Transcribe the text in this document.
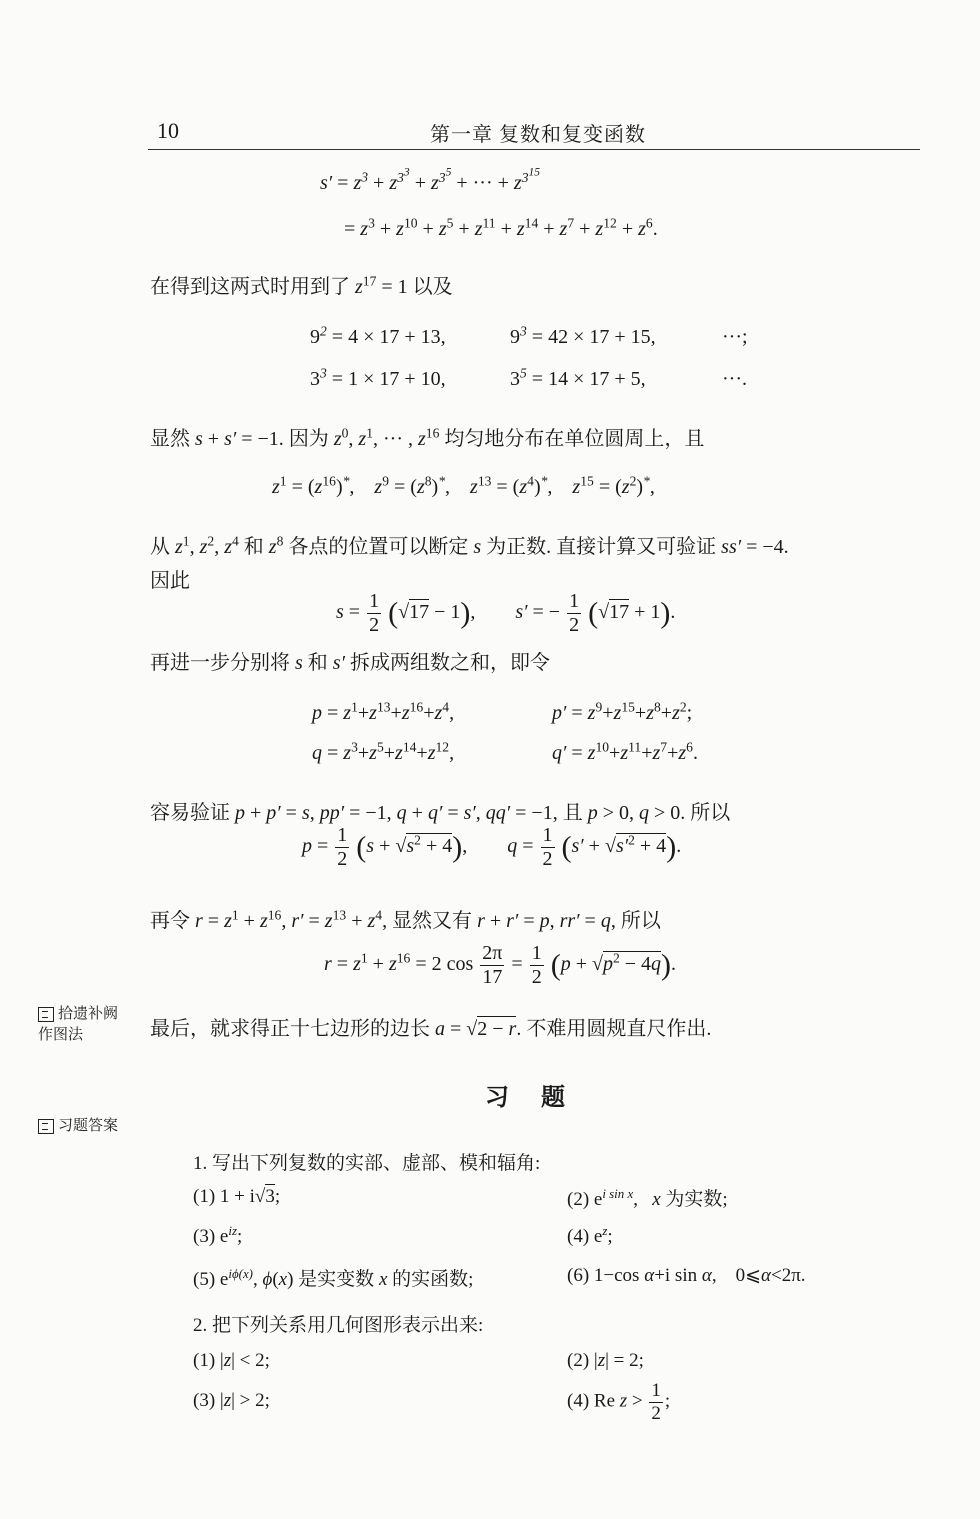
10	第一章 复数和复变函数
$s' = z^3 + z^{3^3} + z^{3^5}$ + ··· + $z^{3^{15}}$
= $z^3 + z^{10} + z^5 + z^{11} + z^{14} + z^7 + z^{12} + z^6$.
在得到这两式时用到了 $z^{17} = 1$ 以及
$9^2 = 4 \times 17 + 13$,	$9^3 = 42 \times 17 + 15$,	···;
$3^3 = 1 \times 17 + 10$,	$3^5 = 14 \times 17 + 5$,	···.
显然 s + s′ = −1. 因为 $z^0$, $z^1$, ··· , $z^{16}$ 均匀地分布在单位圆周上，且
$z^1 = (z^{16})^*$,    $z^9 = (z^8)^*$,    $z^{13} = (z^4)^*$,    $z^{15} = (z^2)^*$,
从 $z^1$, $z^2$, $z^4$ 和 $z^8$ 各点的位置可以断定 s 为正数. 直接计算又可验证 ss′ = −4.
因此
$s = \frac{1}{2} (√17 - 1)$,        s′ = − $\frac{1}{2} (√17 + 1)$.
再进一步分别将 s 和 s′ 拆成两组数之和，即令
$p = z^1+z^{13}+z^{16}+z^4$,	$p' = z^9+z^{15}+z^8+z^2$;
$q = z^3+z^5+z^{14}+z^{12}$,	$q' = z^{10}+z^{11}+z^7+z^6$.
容易验证 p + p′ = s, pp′ = −1, q + q′ = s′, qq′ = −1, 且 p > 0, q > 0. 所以
$p = \frac{1}{2} (s + √s^2 + 4)$,        $q = \frac{1}{2} (s' + √s'^2 + 4)$.
再令 $r = z^1 + z^{16}$, $r' = z^{13} + z^4$, 显然又有 r + r′ = p, rr′ = q, 所以
$r = z^1 + z^{16} = 2$ $\cos \frac{2\pi}{17} = \frac{1}{2} (p + √p^2 - 4q)$.
拾遗补阙
作图法	最后，就求得正十七边形的边长 a = √2 − r. 不难用圆规直尺作出.
习题
习题答案
1. 写出下列复数的实部、虚部、模和辐角:
(1) 1 + i√3;	(2) $e^{i sin x}$,   x 为实数;
(3) $e^{iz}$;	(4) $e^z$;
(5) $e^{i\phi(x)}$, ϕ(x) 是实变数 x 的实函数;	(6) 1−cos α+i sin α,    0⩽α<2π.
2. 把下列关系用几何图形表示出来:
(1) |z| < 2;	(2) |z| = 2;
(3) |z| > 2;	(4) Re $z > \frac{1}{2}$ ;
